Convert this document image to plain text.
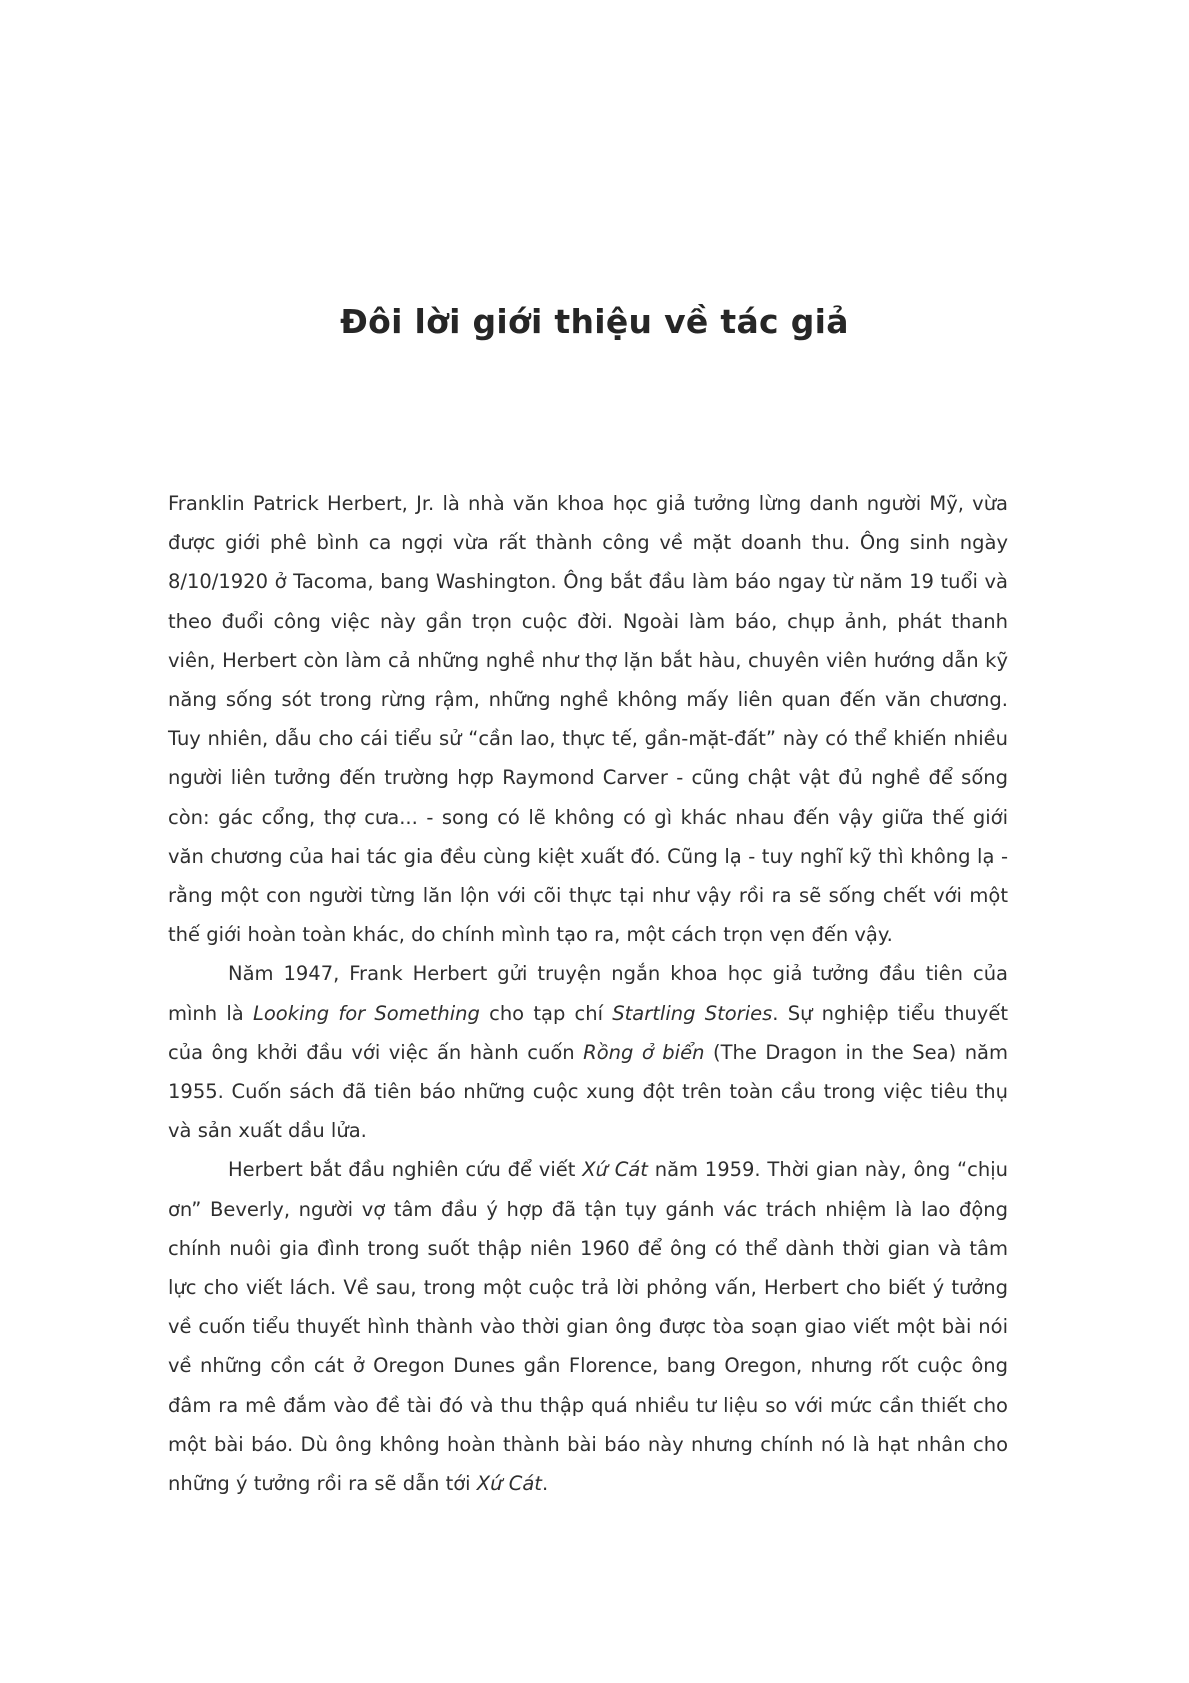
Đôi lời giới thiệu về tác giả

Franklin Patrick Herbert, Jr. là nhà văn khoa học giả tưởng lừng danh người Mỹ, vừa được giới phê bình ca ngợi vừa rất thành công về mặt doanh thu. Ông sinh ngày 8/10/1920 ở Tacoma, bang Washington. Ông bắt đầu làm báo ngay từ năm 19 tuổi và theo đuổi công việc này gần trọn cuộc đời. Ngoài làm báo, chụp ảnh, phát thanh viên, Herbert còn làm cả những nghề như thợ lặn bắt hàu, chuyên viên hướng dẫn kỹ năng sống sót trong rừng rậm, những nghề không mấy liên quan đến văn chương. Tuy nhiên, dẫu cho cái tiểu sử “cần lao, thực tế, gần-mặt-đất” này có thể khiến nhiều người liên tưởng đến trường hợp Raymond Carver - cũng chật vật đủ nghề để sống còn: gác cổng, thợ cưa... - song có lẽ không có gì khác nhau đến vậy giữa thế giới văn chương của hai tác gia đều cùng kiệt xuất đó. Cũng lạ - tuy nghĩ kỹ thì không lạ - rằng một con người từng lăn lộn với cõi thực tại như vậy rồi ra sẽ sống chết với một thế giới hoàn toàn khác, do chính mình tạo ra, một cách trọn vẹn đến vậy.

Năm 1947, Frank Herbert gửi truyện ngắn khoa học giả tưởng đầu tiên của mình là Looking for Something cho tạp chí Startling Stories. Sự nghiệp tiểu thuyết của ông khởi đầu với việc ấn hành cuốn Rồng ở biển (The Dragon in the Sea) năm 1955. Cuốn sách đã tiên báo những cuộc xung đột trên toàn cầu trong việc tiêu thụ và sản xuất dầu lửa.

Herbert bắt đầu nghiên cứu để viết Xứ Cát năm 1959. Thời gian này, ông “chịu ơn” Beverly, người vợ tâm đầu ý hợp đã tận tụy gánh vác trách nhiệm là lao động chính nuôi gia đình trong suốt thập niên 1960 để ông có thể dành thời gian và tâm lực cho viết lách. Về sau, trong một cuộc trả lời phỏng vấn, Herbert cho biết ý tưởng về cuốn tiểu thuyết hình thành vào thời gian ông được tòa soạn giao viết một bài nói về những cồn cát ở Oregon Dunes gần Florence, bang Oregon, nhưng rốt cuộc ông đâm ra mê đắm vào đề tài đó và thu thập quá nhiều tư liệu so với mức cần thiết cho một bài báo. Dù ông không hoàn thành bài báo này nhưng chính nó là hạt nhân cho những ý tưởng rồi ra sẽ dẫn tới Xứ Cát.
